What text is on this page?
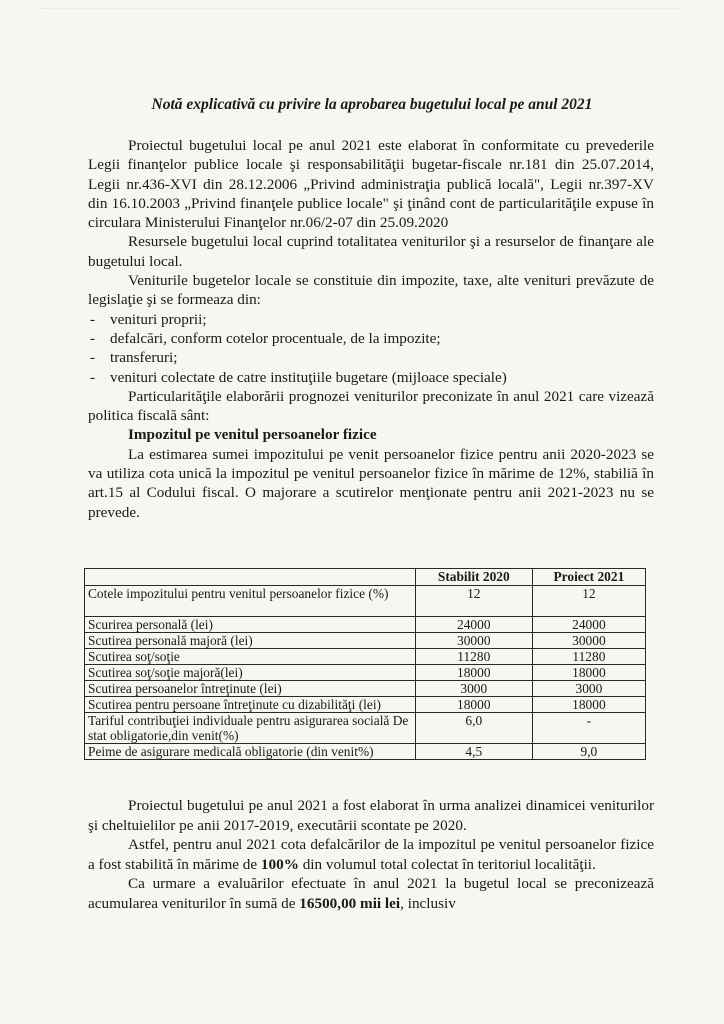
Notă explicativă cu privire la aprobarea bugetului local pe anul 2021

Proiectul bugetului local pe anul 2021 este elaborat în conformitate cu prevederile Legii finanţelor publice locale şi responsabilităţii bugetar-fiscale nr.181 din 25.07.2014, Legii nr.436-XVI din 28.12.2006 „Privind administraţia publică locală", Legii nr.397-XV din 16.10.2003 „Privind finanţele publice locale" şi ţinând cont de particularităţile expuse în circulara Ministerului Finanţelor nr.06/2-07 din 25.09.2020

Resursele bugetului local cuprind totalitatea veniturilor şi a resurselor de finanţare ale bugetului local.

Veniturile bugetelor locale se constituie din impozite, taxe, alte venituri prevăzute de legislaţie şi se formeaza din:

- venituri proprii;
- defalcări, conform cotelor procentuale, de la impozite;
- transferuri;
- venituri colectate de catre instituţiile bugetare (mijloace speciale)

Particularităţile elaborării prognozei veniturilor preconizate în anul 2021 care vizează politica fiscală sânt:

Impozitul pe venitul persoanelor fizice

La estimarea sumei impozitului pe venit persoanelor fizice pentru anii 2020-2023 se va utiliza cota unică la impozitul pe venitul persoanelor fizice în mărime de 12%, stabiliă în art.15 al Codului fiscal. O majorare a scutirelor menţionate pentru anii 2021-2023 nu se prevede.

	Stabilit 2020	Proiect 2021
Cotele impozitului pentru venitul persoanelor fizice (%)	12	12
Scurirea personală (lei)	24000	24000
Scutirea personală majoră (lei)	30000	30000
Scutirea soţ/soţie	11280	11280
Scutirea soţ/soţie majoră(lei)	18000	18000
Scutirea persoanelor întreţinute (lei)	3000	3000
Scutirea pentru persoane întreţinute cu dizabilităţi (lei)	18000	18000
Tariful contribuţiei individuale pentru asigurarea socială De stat obligatorie,din venit(%)	6,0	-
Peime de asigurare medicală obligatorie (din venit%)	4,5	9,0

Proiectul bugetului pe anul 2021 a fost elaborat în urma analizei dinamicei veniturilor şi cheltuielilor pe anii 2017-2019, executării scontate pe 2020.

Astfel, pentru anul 2021 cota defalcărilor de la impozitul pe venitul persoanelor fizice a fost stabilită în mărime de 100% din volumul total colectat în teritoriul localităţii.

Ca urmare a evaluărilor efectuate în anul 2021 la bugetul local se preconizează acumularea veniturilor în sumă de 16500,00 mii lei, inclusiv
